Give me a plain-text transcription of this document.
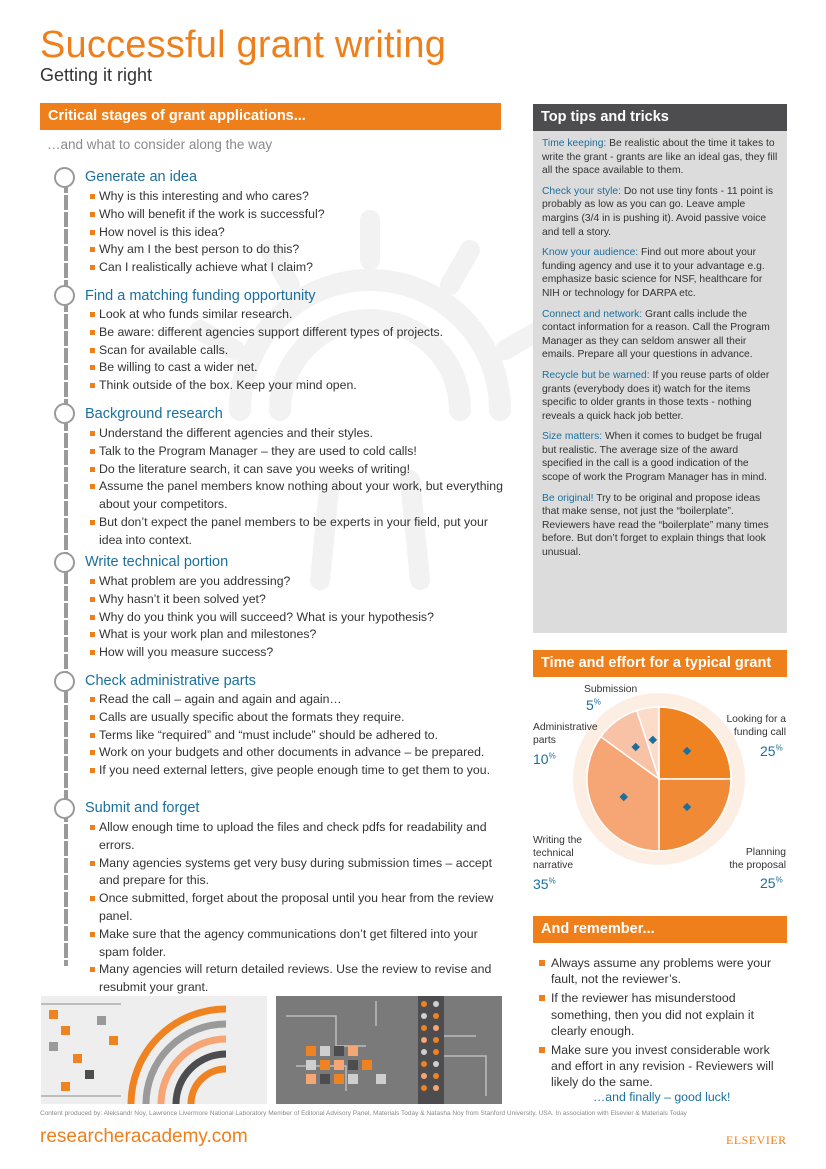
Successful grant writing
Getting it right
Critical stages of grant applications...
…and what to consider along the way
Generate an idea
Why is this interesting and who cares?
Who will benefit if the work is successful?
How novel is this idea?
Why am I the best person to do this?
Can I realistically achieve what I claim?
Find a matching funding opportunity
Look at who funds similar research.
Be aware: different agencies support different types of projects.
Scan for available calls.
Be willing to cast a wider net.
Think outside of the box. Keep your mind open.
Background research
Understand the different agencies and their styles.
Talk to the Program Manager – they are used to cold calls!
Do the literature search, it can save you weeks of writing!
Assume the panel members know nothing about your work, but everything about your competitors.
But don’t expect the panel members to be experts in your field, put your idea into context.
Write technical portion
What problem are you addressing?
Why hasn’t it been solved yet?
Why do you think you will succeed? What is your hypothesis?
What is your work plan and milestones?
How will you measure success?
Check administrative parts
Read the call – again and again and again…
Calls are usually specific about the formats they require.
Terms like “required” and “must include” should be adhered to.
Work on your budgets and other documents in advance – be prepared.
If you need external letters, give people enough time to get them to you.
Submit and forget
Allow enough time to upload the files and check pdfs for readability and errors.
Many agencies systems get very busy during submission times – accept and prepare for this.
Once submitted, forget about the proposal until you hear from the review panel.
Make sure that the agency communications don’t get filtered into your spam folder.
Many agencies will return detailed reviews. Use the review to revise and resubmit your grant.
Top tips and tricks

Time keeping: Be realistic about the time it takes to write the grant - grants are like an ideal gas, they fill all the space available to them.

Check your style: Do not use tiny fonts - 11 point is probably as low as you can go. Leave ample margins (3/4 in is pushing it). Avoid passive voice and tell a story.

Know your audience: Find out more about your funding agency and use it to your advantage e.g. emphasize basic science for NSF, healthcare for NIH or technology for DARPA etc.

Connect and network: Grant calls include the contact information for a reason. Call the Program Manager as they can seldom answer all their emails. Prepare all your questions in advance.

Recycle but be warned: If you reuse parts of older grants (everybody does it) watch for the items specific to older grants in those texts - nothing reveals a quick hack job better.

Size matters: When it comes to budget be frugal but realistic. The average size of the award specified in the call is a good indication of the scope of work the Program Manager has in mind.

Be original! Try to be original and propose ideas that make sense, not just the “boilerplate”. Reviewers have read the “boilerplate” many times before. But don’t forget to explain things that look unusual.

Time and effort for a typical grant
Submission
5%
Looking for a funding call
25%
Administrative parts
10%
Planning the proposal
25%
Writing the technical narrative
35%
And remember...
Always assume any problems were your fault, not the reviewer’s.
If the reviewer has misunderstood something, then you did not explain it clearly enough.
Make sure you invest considerable work and effort in any revision - Reviewers will likely do the same.
…and finally – good luck!
Content produced by: Aleksandr Noy, Lawrence Livermore National Laboratory Member of Editorial Advisory Panel, Materials Today & Natasha Noy from Stanford University, USA. In association with Elsevier & Materials Today
researcheracademy.com	ELSEVIER
